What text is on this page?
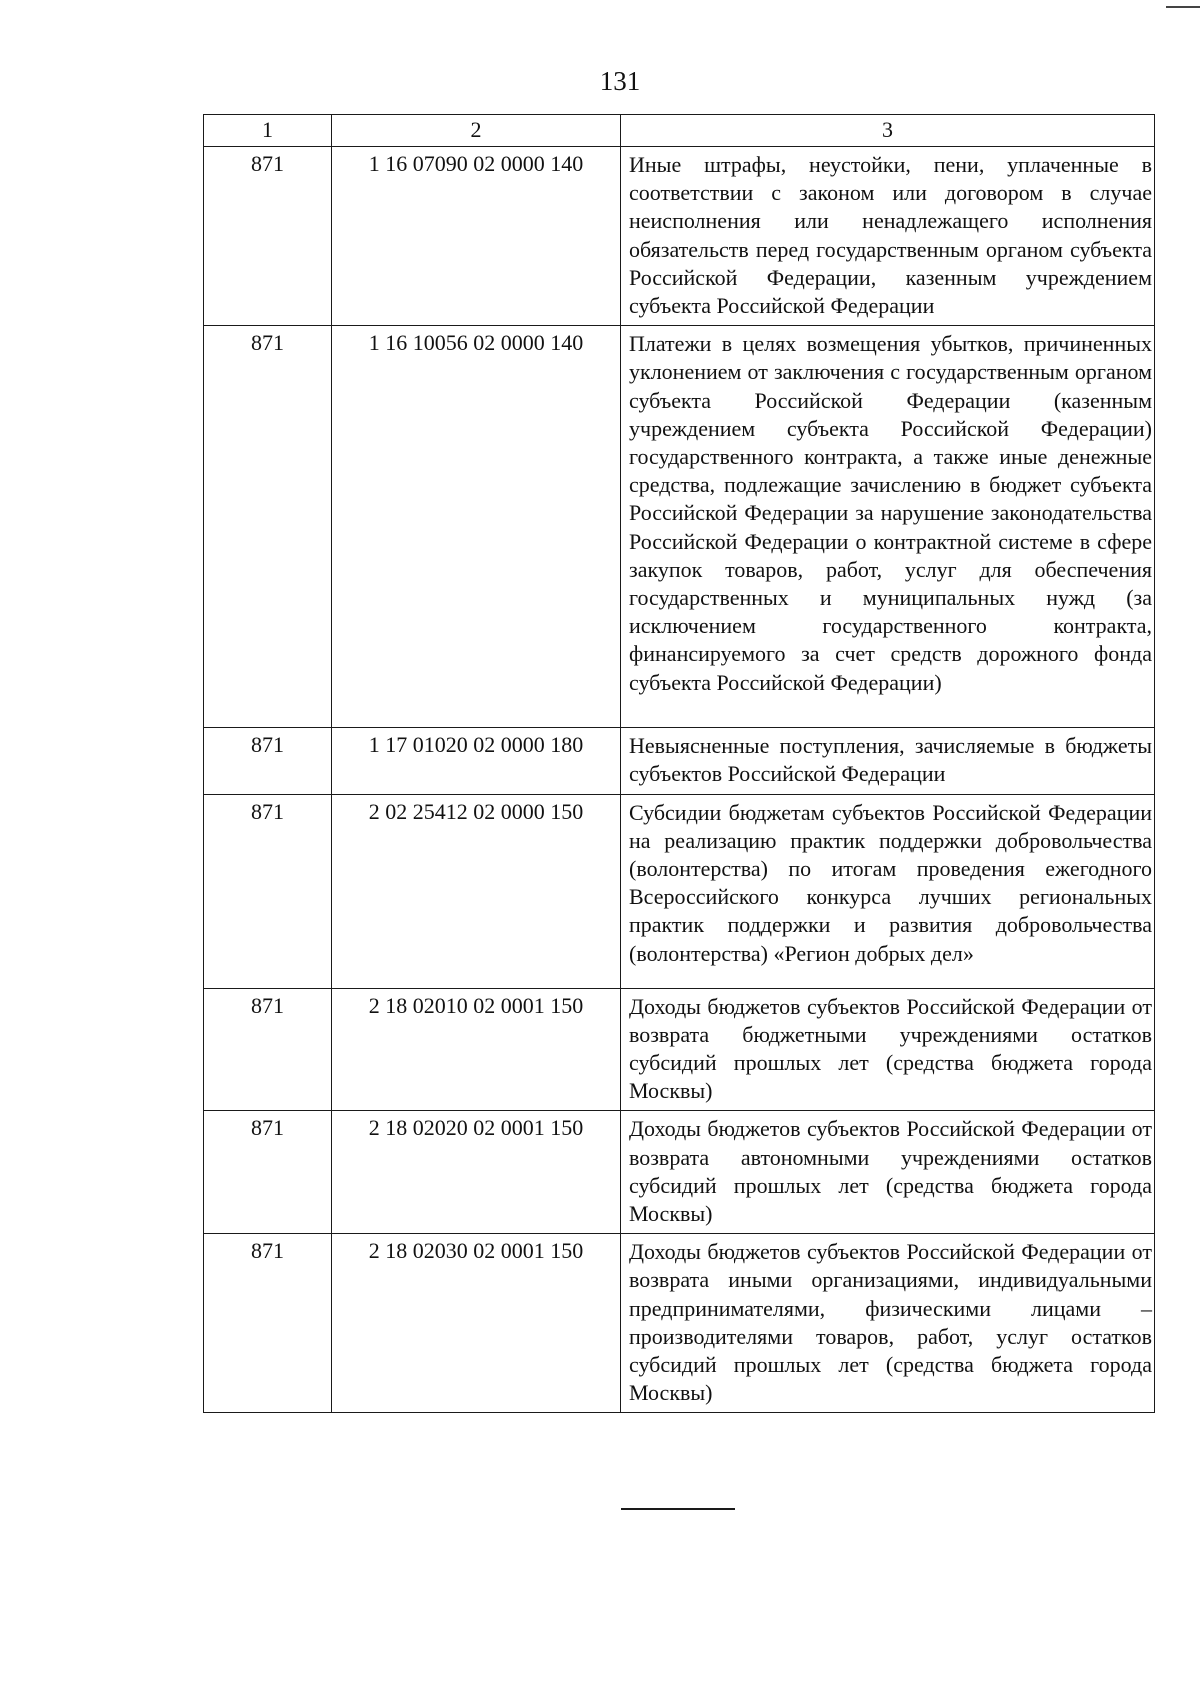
131
1	2	3
871	1 16 07090 02 0000 140	Иные штрафы, неустойки, пени, уплаченные в соответствии с законом или договором в случае неисполнения или ненадлежащего исполнения обязательств перед государственным органом субъекта Российской Федерации, казенным учреждением субъекта Российской Федерации
871	1 16 10056 02 0000 140	Платежи в целях возмещения убытков, причиненных уклонением от заключения с государственным органом субъекта Российской Федерации (казенным учреждением субъекта Российской Федерации) государственного контракта, а также иные денежные средства, подлежащие зачислению в бюджет субъекта Российской Федерации за нарушение законодательства Российской Федерации о контрактной системе в сфере закупок товаров, работ, услуг для обеспечения государственных и муниципальных нужд (за исключением государственного контракта, финансируемого за счет средств дорожного фонда субъекта Российской Федерации)
871	1 17 01020 02 0000 180	Невыясненные поступления, зачисляемые в бюджеты субъектов Российской Федерации
871	2 02 25412 02 0000 150	Субсидии бюджетам субъектов Российской Федерации на реализацию практик поддержки добровольчества (волонтерства) по итогам проведения ежегодного Всероссийского конкурса лучших региональных практик поддержки и развития добровольчества (волонтерства) «Регион добрых дел»
871	2 18 02010 02 0001 150	Доходы бюджетов субъектов Российской Федерации от возврата бюджетными учреждениями остатков субсидий прошлых лет (средства бюджета города Москвы)
871	2 18 02020 02 0001 150	Доходы бюджетов субъектов Российской Федерации от возврата автономными учреждениями остатков субсидий прошлых лет (средства бюджета города Москвы)
871	2 18 02030 02 0001 150	Доходы бюджетов субъектов Российской Федерации от возврата иными организациями, индивидуальными предпринимателями, физическими лицами – производителями товаров, работ, услуг остатков субсидий прошлых лет (средства бюджета города Москвы)
